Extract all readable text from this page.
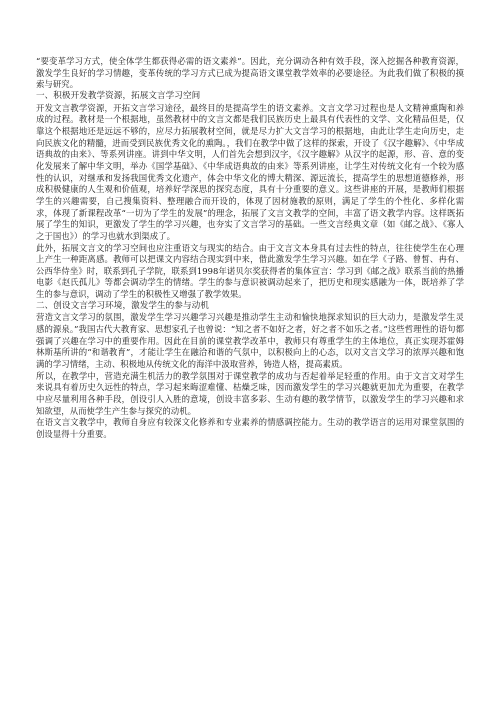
“要变革学习方式，使全体学生都获得必需的语文素养”。因此，充分调动各种有效手段，深入挖掘各种教育资源，激发学生良好的学习情趣，变革传统的学习方式已成为提高语文课堂教学效率的必要途径。为此我们做了积极的摸索与研究。

一、积极开发教学资源，拓展文言学习空间

开发文言教学资源，开拓文言学习途径，最终目的是提高学生的语文素养。文言文学习过程也是人文精神熏陶和养成的过程。教材是一个根据地，虽然教材中的文言文都是我们民族历史上最具有代表性的文学、文化精品但是，仅靠这个根据地还是远远不够的，应尽力拓展教材空间，就是尽力扩大文言学习的根据地，由此让学生走向历史，走向民族文化的精髓，进而受到民族优秀文化的熏陶。，我们在教学中做了这样的探索，开设了《汉字趣解》、《中华成语典故的由来》、等系列讲座。讲到中华文明，人们首先会想到汉字，《汉字趣解》从汉字的起源，形、音、意的变化发展来了解中华文明，举办《国学基础》、《中华成语典故的由来》等系列讲座，让学生对传统文化有一个较为感性的认识，对继承和发扬我国优秀文化遗产，体会中华文化的博大精深、源远流长，提高学生的思想道德修养，形成积极健康的人生观和价值观，培养好学深思的探究态度，具有十分重要的意义。这些讲座的开展，是教师们根据学生的兴趣需要，自己搜集资料、整理融合而开设的，体现了因材施教的原则，满足了学生的个性化、多样化需求，体现了新课程改革“一切为了学生的发展”的理念，拓展了文言文教学的空间，丰富了语文教学内容。这样既拓展了学生的知识，更激发了学生的学习兴趣，也夯实了文言学习的基础。一些文言经典文章（如《邮之战》、《寡人之于国也》）的学习也就水到渠成了。

此外，拓展文言文的学习空间也应注重语文与现实的结合。由于文言文本身具有过去性的特点，往往使学生在心理上产生一种距离感。教师可以把课文内容结合现实到中来，借此激发学生学习兴趣。如在学《子路、曾皙、冉有、公西华侍坐》时，联系到孔子学院，联系到1998年诺贝尔奖获得者的集体宣言：学习到《邮之战》联系当前的热播电影《赵氏孤儿》等都会调动学生的情绪。学生的参与意识被调动起来了，把历史和现实感融为一体，既培养了学生的参与意识，调动了学生的积极性又增强了教学效果。

二、创设文言学习环境，激发学生的参与动机

营造文言文学习的氛围，激发学生学习兴趣学习兴趣是推动学生主动和愉快地探求知识的巨大动力，是激发学生灵感的源泉。”我国古代大教育家、思想家孔子也曾说：“知之者不如好之者，好之者不如乐之者。”这些哲理性的语句都强调了兴趣在学习中的重要作用。因此在目前的课堂教学改革中，教师只有尊重学生的主体地位，真正实现苏霍姆林斯基所讲的“和谐教育”，才能让学生在融洽和谐的气氛中，以积极向上的心态，以对文言文学习的浓厚兴趣和饱满的学习情绪，主动、积极地从传统文化的海洋中汲取营养，铸造人格，提高素质。

所以，在教学中，营造充满生机活力的教学氛围对于课堂教学的成功与否起着举足轻重的作用。由于文言文对学生来说具有着历史久远性的特点，学习起来晦涩难懂、枯燥乏味，因而激发学生的学习兴趣就更加尤为重要，在教学中应尽量利用各种手段，创设引人入胜的意境，创设丰富多彩、生动有趣的教学情节，以激发学生的学习兴趣和求知欲望，从而使学生产生参与探究的动机。

在语文言文教学中，教师自身应有较深文化修养和专业素养的情感调控能力。生动的教学语言的运用对课堂氛围的创设显得十分重要。
